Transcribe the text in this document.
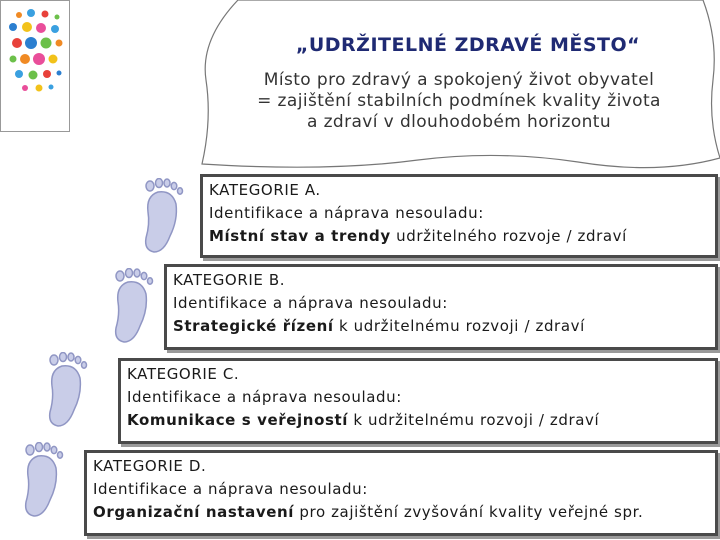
„UDRŽITELNÉ ZDRAVÉ MĚSTO“
Místo pro zdravý a spokojený život obyvatel
= zajištění stabilních podmínek kvality života
a zdraví v dlouhodobém horizontu
KATEGORIE A.
Identifikace a náprava nesouladu:
Místní stav a trendy udržitelného rozvoje / zdraví
KATEGORIE B.
Identifikace a náprava nesouladu:
Strategické řízení k udržitelnému rozvoji / zdraví
KATEGORIE C.
Identifikace a náprava nesouladu:
Komunikace s veřejností k udržitelnému rozvoji / zdraví
KATEGORIE D.
Identifikace a náprava nesouladu:
Organizační nastavení pro zajištění zvyšování kvality veřejné spr.
